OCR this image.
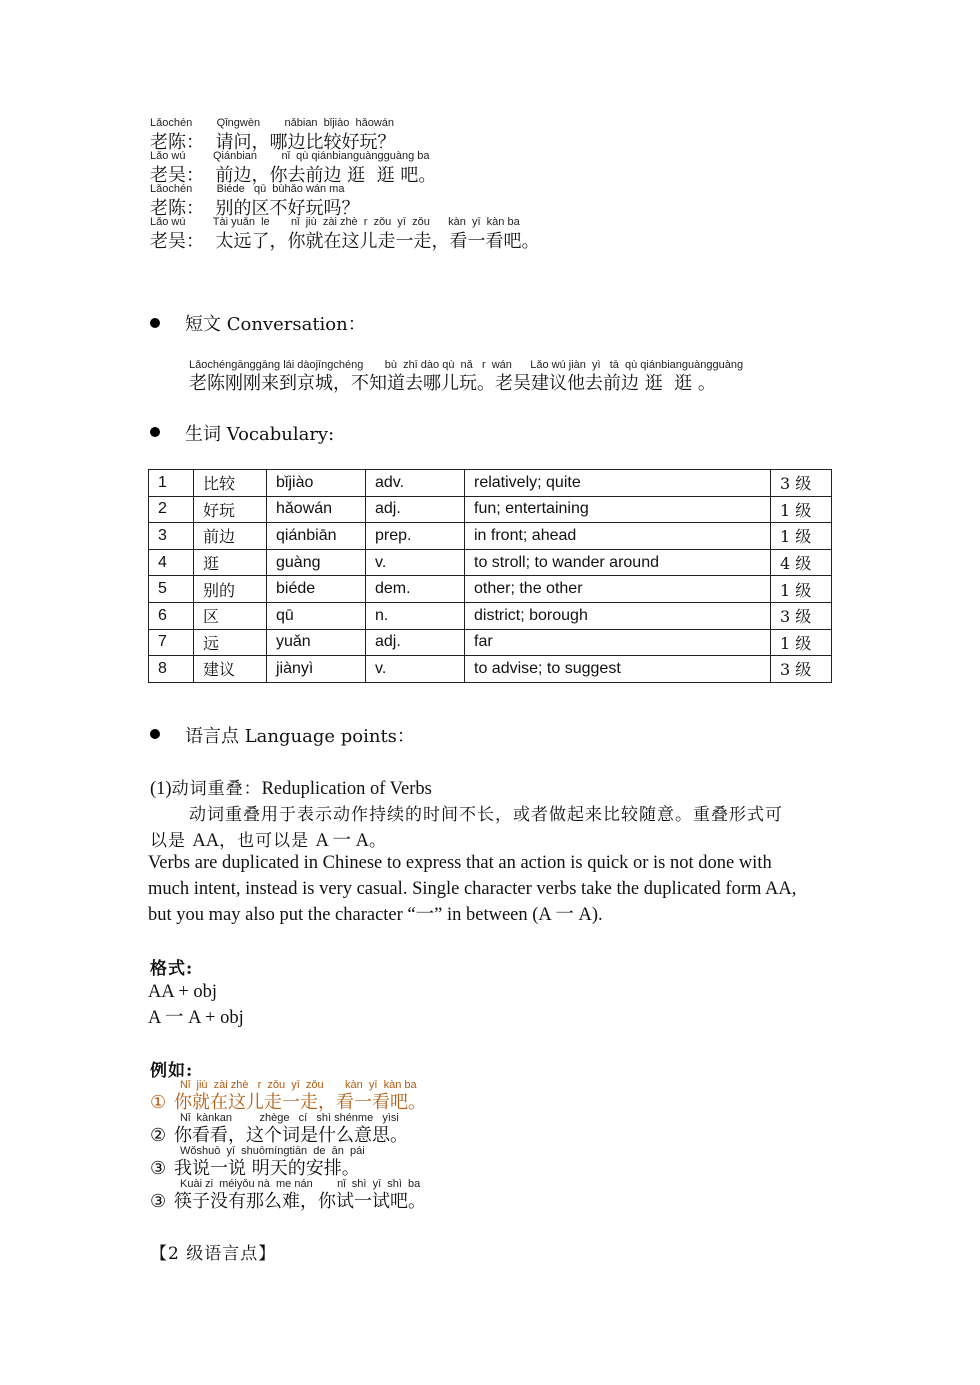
Lǎochén        Qǐngwèn        nǎbian  bǐjiào  hǎowán
老陈：  请问，哪边比较好玩？
Lǎo wú         Qiánbian        nǐ  qù qiánbianguàngguàng ba
老吴：  前边，你去前边 逛  逛 吧。
Lǎochén        Biéde   qū  bùhǎo wán ma
老陈：  别的区不好玩吗？
Lǎo wú         Tài yuǎn  le       nǐ  jiù  zài zhè  r  zǒu  yī  zǒu      kàn  yī  kàn ba
老吴：  太远了，你就在这儿走一走，看一看吧。
短文 Conversation：
Lǎochéngānggāng lái dàojīngchéng       bù  zhī dào qù  nǎ   r  wán      Lǎo wú jiàn  yì   tā  qù qiánbianguàngguàng
老陈刚刚来到京城，不知道去哪儿玩。老吴建议他去前边 逛  逛 。
生词 Vocabulary:
1	比较	bǐjiào	adv.	relatively; quite	3 级
2	好玩	hǎowán	adj.	fun; entertaining	1 级
3	前边	qiánbiān	prep.	in front; ahead	1 级
4	逛	guàng	v.	to stroll; to wander around	4 级
5	别的	biéde	dem.	other; the other	1 级
6	区	qū	n.	district; borough	3 级
7	远	yuǎn	adj.	far	1 级
8	建议	jiànyì	v.	to advise; to suggest	3 级
语言点 Language points：
(1)动词重叠：Reduplication of Verbs
动词重叠用于表示动作持续的时间不长，或者做起来比较随意。重叠形式可
以是 AA，也可以是 A 一 A。
Verbs are duplicated in Chinese to express that an action is quick or is not done with
much intent, instead is very casual. Single character verbs take the duplicated form AA,
but you may also put the character “一” in between (A 一 A).
格式:
AA + obj
A 一 A + obj
例如:
Nǐ  jiù  zài zhè   r  zǒu  yī  zǒu       kàn  yī  kàn ba
① 你就在这儿走一走，看一看吧。
Nǐ  kànkan         zhège   cí   shì shénme   yìsi
② 你看看，这个词是什么意思。
Wǒshuō  yī  shuōmíngtiān  de  ān  pái
③ 我说一说 明天的安排。
Kuài zi  méiyǒu nà  me nán        nǐ  shì  yī  shì  ba
③ 筷子没有那么难，你试一试吧。
【2 级语言点】
